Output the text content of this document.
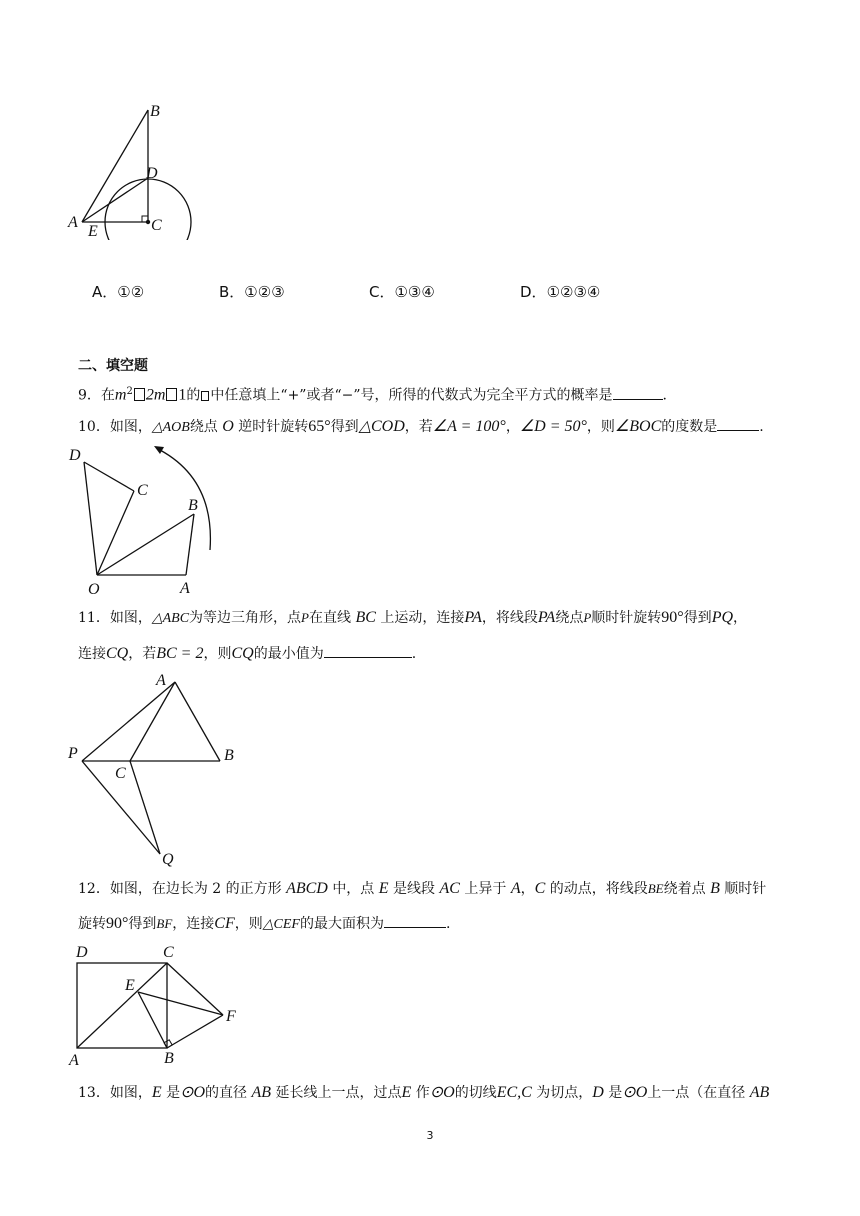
B
D
A
E	C
A．①②	B．①②③	C．①③④	D．①②③④
二、填空题
9．在$m^2$ 2m 1的 中任意填上“+”或者“−”号，所得的代数式为完全平方式的概率是	.
10．如图，△AOB绕点 O 逆时针旋转65°得到△COD，若∠A = 100°，∠D = 50°，则∠BOC的度数是	.
D
C
B
O	A
11．如图，△ABC为等边三角形，点P在直线 BC 上运动，连接PA，将线段PA绕点P顺时针旋转90°得到PQ，
连接CQ，若BC = 2，则CQ的最小值为	.
A
P
C
B
Q
12．如图，在边长为 2 的正方形 ABCD 中，点 E 是线段 AC 上异于 A，C 的动点，将线段BE绕着点 B 顺时针
旋转90°得到BF，连接CF，则△CEF的最大面积为	.
D	C
E
F
A	B
13．如图，E 是⊙O的直径 AB 延长线上一点，过点E 作⊙O的切线EC,C 为切点，D 是⊙O上一点（在直径 AB
3
